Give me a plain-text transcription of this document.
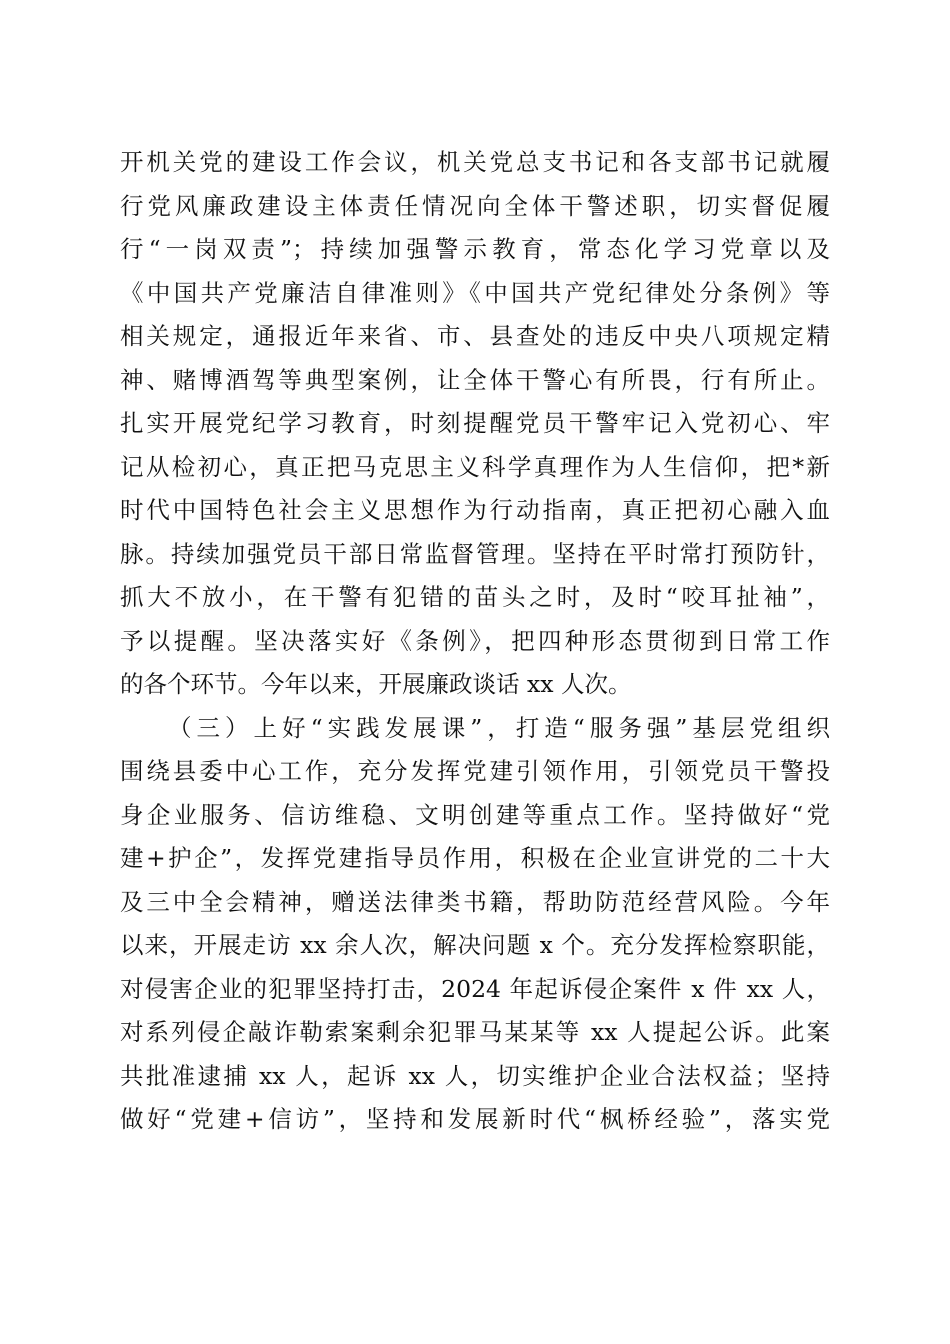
开机关党的建设工作会议，机关党总支书记和各支部书记就履
行党风廉政建设主体责任情况向全体干警述职，切实督促履
行“一岗双责”；持续加强警示教育，常态化学习党章以及
《中国共产党廉洁自律准则》《中国共产党纪律处分条例》等
相关规定，通报近年来省、市、县查处的违反中央八项规定精
神、赌博酒驾等典型案例，让全体干警心有所畏，行有所止。
扎实开展党纪学习教育，时刻提醒党员干警牢记入党初心、牢
记从检初心，真正把马克思主义科学真理作为人生信仰，把*新
时代中国特色社会主义思想作为行动指南，真正把初心融入血
脉。持续加强党员干部日常监督管理。坚持在平时常打预防针，
抓大不放小，在干警有犯错的苗头之时，及时“咬耳扯袖”，
予以提醒。坚决落实好《条例》，把四种形态贯彻到日常工作
的各个环节。今年以来，开展廉政谈话 xx 人次。
（三）上好“实践发展课”，打造“服务强”基层党组织
围绕县委中心工作，充分发挥党建引领作用，引领党员干警投
身企业服务、信访维稳、文明创建等重点工作。坚持做好“党
建+护企”，发挥党建指导员作用，积极在企业宣讲党的二十大
及三中全会精神，赠送法律类书籍，帮助防范经营风险。今年
以来，开展走访 xx 余人次，解决问题 x 个。充分发挥检察职能，
对侵害企业的犯罪坚持打击，2024 年起诉侵企案件 x 件 xx 人，
对系列侵企敲诈勒索案剩余犯罪马某某等 xx 人提起公诉。此案
共批准逮捕 xx 人，起诉 xx 人，切实维护企业合法权益；坚持
做好“党建+信访”，坚持和发展新时代“枫桥经验”，落实党
